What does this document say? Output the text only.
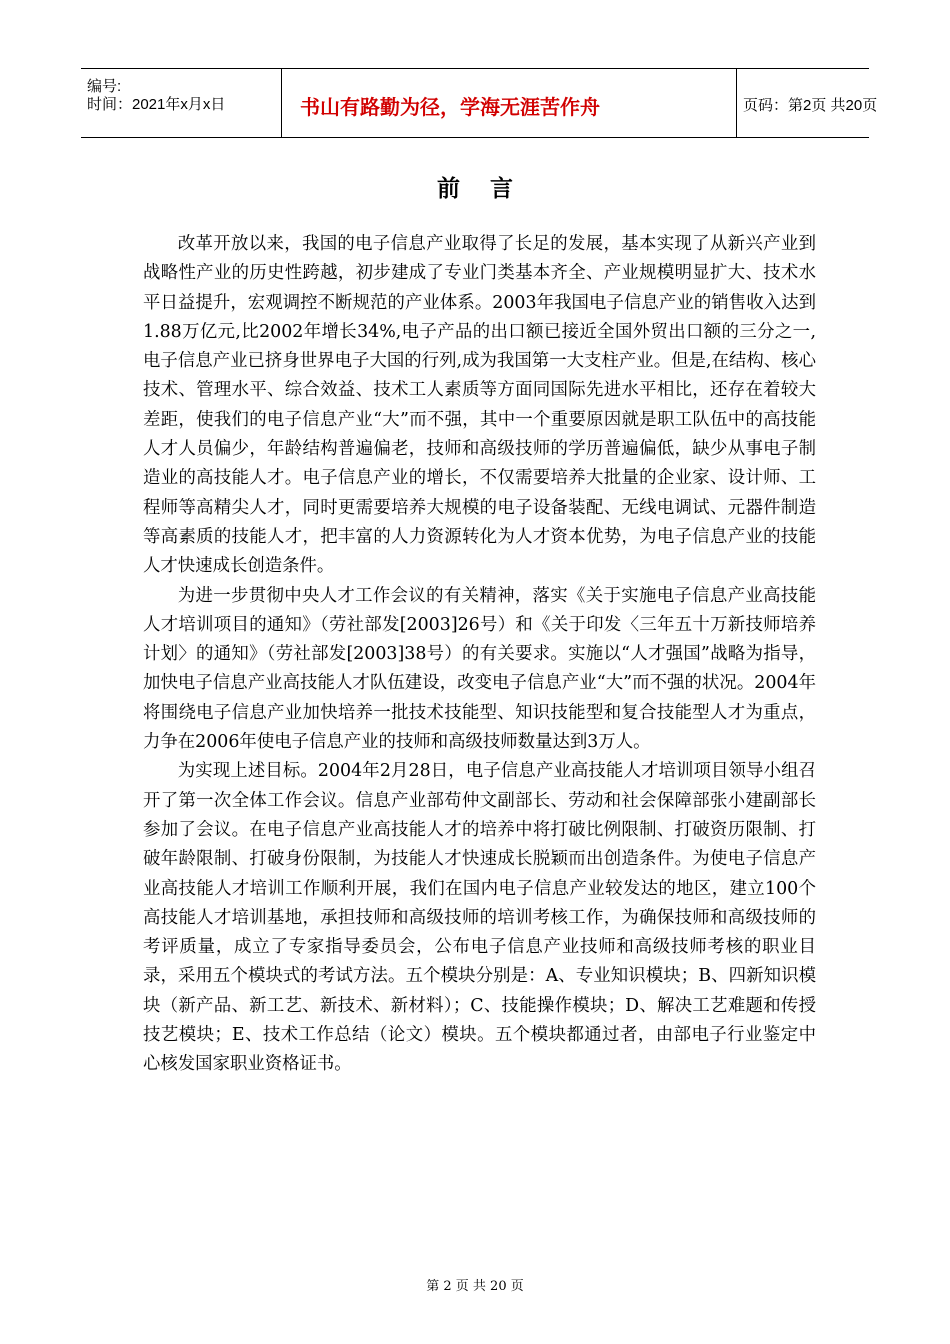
编号:
时间：2021年x月x日	书山有路勤为径，学海无涯苦作舟	页码：第2页 共20页
前言

改革开放以来，我国的电子信息产业取得了长足的发展，基本实现了从新兴产业到战略性产业的历史性跨越，初步建成了专业门类基本齐全、产业规模明显扩大、技术水平日益提升，宏观调控不断规范的产业体系。2003年我国电子信息产业的销售收入达到1.88万亿元,比2002年增长34%,电子产品的出口额已接近全国外贸出口额的三分之一,电子信息产业已挤身世界电子大国的行列,成为我国第一大支柱产业。但是,在结构、核心技术、管理水平、综合效益、技术工人素质等方面同国际先进水平相比，还存在着较大差距，使我们的电子信息产业“大”而不强，其中一个重要原因就是职工队伍中的高技能人才人员偏少，年龄结构普遍偏老，技师和高级技师的学历普遍偏低，缺少从事电子制造业的高技能人才。电子信息产业的增长，不仅需要培养大批量的企业家、设计师、工程师等高精尖人才，同时更需要培养大规模的电子设备装配、无线电调试、元器件制造等高素质的技能人才，把丰富的人力资源转化为人才资本优势，为电子信息产业的技能人才快速成长创造条件。

为进一步贯彻中央人才工作会议的有关精神，落实《关于实施电子信息产业高技能人才培训项目的通知》（劳社部发[2003]26号）和《关于印发〈三年五十万新技师培养计划〉的通知》（劳社部发[2003]38号）的有关要求。实施以“人才强国”战略为指导，加快电子信息产业高技能人才队伍建设，改变电子信息产业“大”而不强的状况。2004年将围绕电子信息产业加快培养一批技术技能型、知识技能型和复合技能型人才为重点，力争在2006年使电子信息产业的技师和高级技师数量达到3万人。

为实现上述目标。2004年2月28日，电子信息产业高技能人才培训项目领导小组召开了第一次全体工作会议。信息产业部苟仲文副部长、劳动和社会保障部张小建副部长参加了会议。在电子信息产业高技能人才的培养中将打破比例限制、打破资历限制、打破年龄限制、打破身份限制，为技能人才快速成长脱颖而出创造条件。为使电子信息产业高技能人才培训工作顺利开展，我们在国内电子信息产业较发达的地区，建立100个高技能人才培训基地，承担技师和高级技师的培训考核工作，为确保技师和高级技师的考评质量，成立了专家指导委员会，公布电子信息产业技师和高级技师考核的职业目录，采用五个模块式的考试方法。五个模块分别是：A、专业知识模块；B、四新知识模块（新产品、新工艺、新技术、新材料）；C、技能操作模块；D、解决工艺难题和传授技艺模块；E、技术工作总结（论文）模块。五个模块都通过者，由部电子行业鉴定中心核发国家职业资格证书。

第 2 页 共 20 页
